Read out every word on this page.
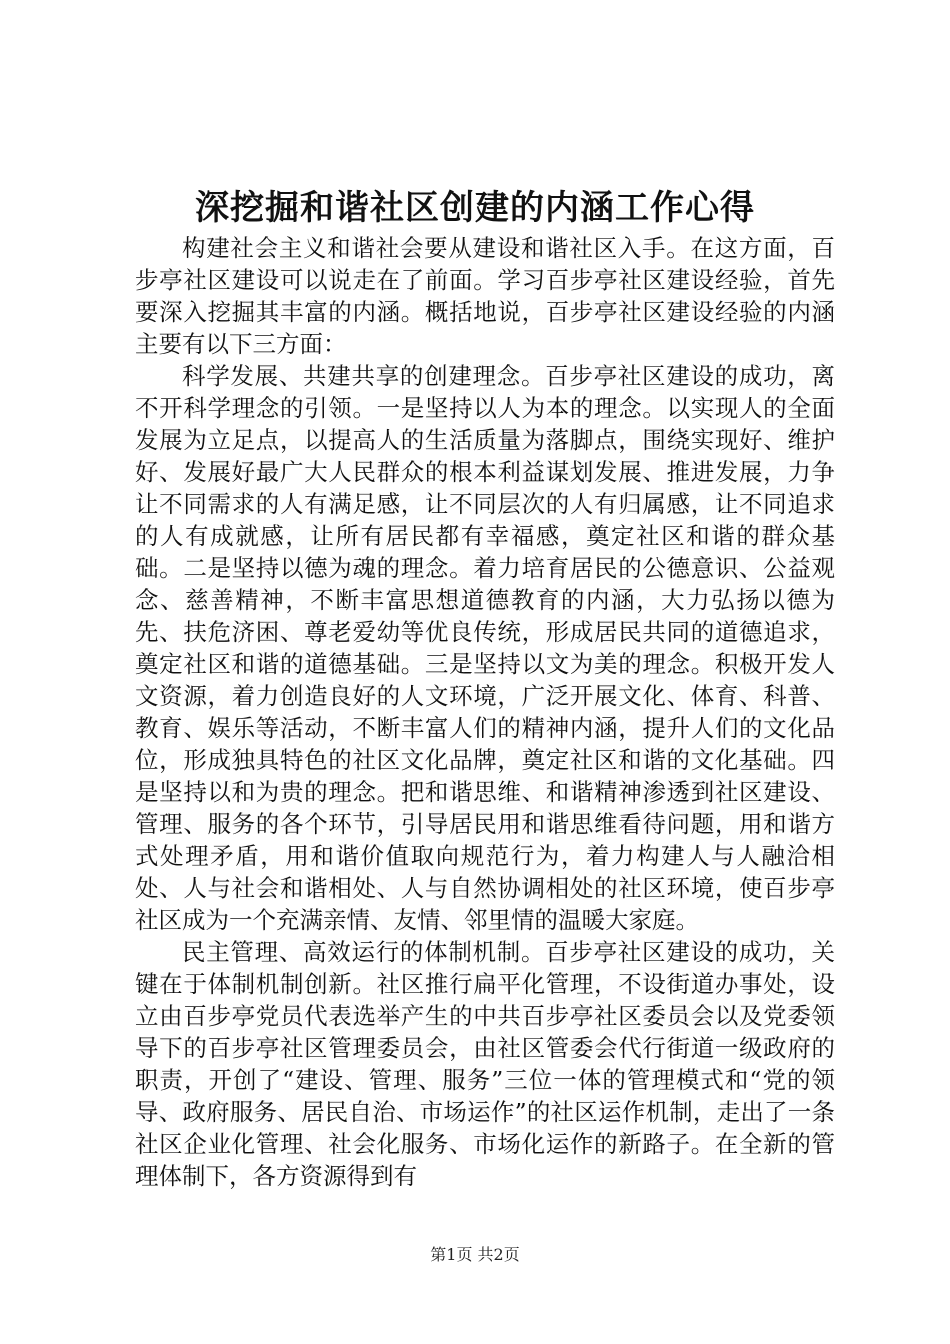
深挖掘和谐社区创建的内涵工作心得

构建社会主义和谐社会要从建设和谐社区入手。在这方面，百步亭社区建设可以说走在了前面。学习百步亭社区建设经验，首先要深入挖掘其丰富的内涵。概括地说，百步亭社区建设经验的内涵主要有以下三方面：

科学发展、共建共享的创建理念。百步亭社区建设的成功，离不开科学理念的引领。一是坚持以人为本的理念。以实现人的全面发展为立足点，以提高人的生活质量为落脚点，围绕实现好、维护好、发展好最广大人民群众的根本利益谋划发展、推进发展，力争让不同需求的人有满足感，让不同层次的人有归属感，让不同追求的人有成就感，让所有居民都有幸福感，奠定社区和谐的群众基础。二是坚持以德为魂的理念。着力培育居民的公德意识、公益观念、慈善精神，不断丰富思想道德教育的内涵，大力弘扬以德为先、扶危济困、尊老爱幼等优良传统，形成居民共同的道德追求，奠定社区和谐的道德基础。三是坚持以文为美的理念。积极开发人文资源，着力创造良好的人文环境，广泛开展文化、体育、科普、教育、娱乐等活动，不断丰富人们的精神内涵，提升人们的文化品位，形成独具特色的社区文化品牌，奠定社区和谐的文化基础。四是坚持以和为贵的理念。把和谐思维、和谐精神渗透到社区建设、管理、服务的各个环节，引导居民用和谐思维看待问题，用和谐方式处理矛盾，用和谐价值取向规范行为，着力构建人与人融洽相处、人与社会和谐相处、人与自然协调相处的社区环境，使百步亭社区成为一个充满亲情、友情、邻里情的温暖大家庭。

民主管理、高效运行的体制机制。百步亭社区建设的成功，关键在于体制机制创新。社区推行扁平化管理，不设街道办事处，设立由百步亭党员代表选举产生的中共百步亭社区委员会以及党委领导下的百步亭社区管理委员会，由社区管委会代行街道一级政府的职责，开创了“建设、管理、服务”三位一体的管理模式和“党的领导、政府服务、居民自治、市场运作”的社区运作机制，走出了一条社区企业化管理、社会化服务、市场化运作的新路子。在全新的管理体制下，各方资源得到有

第1页 共2页
